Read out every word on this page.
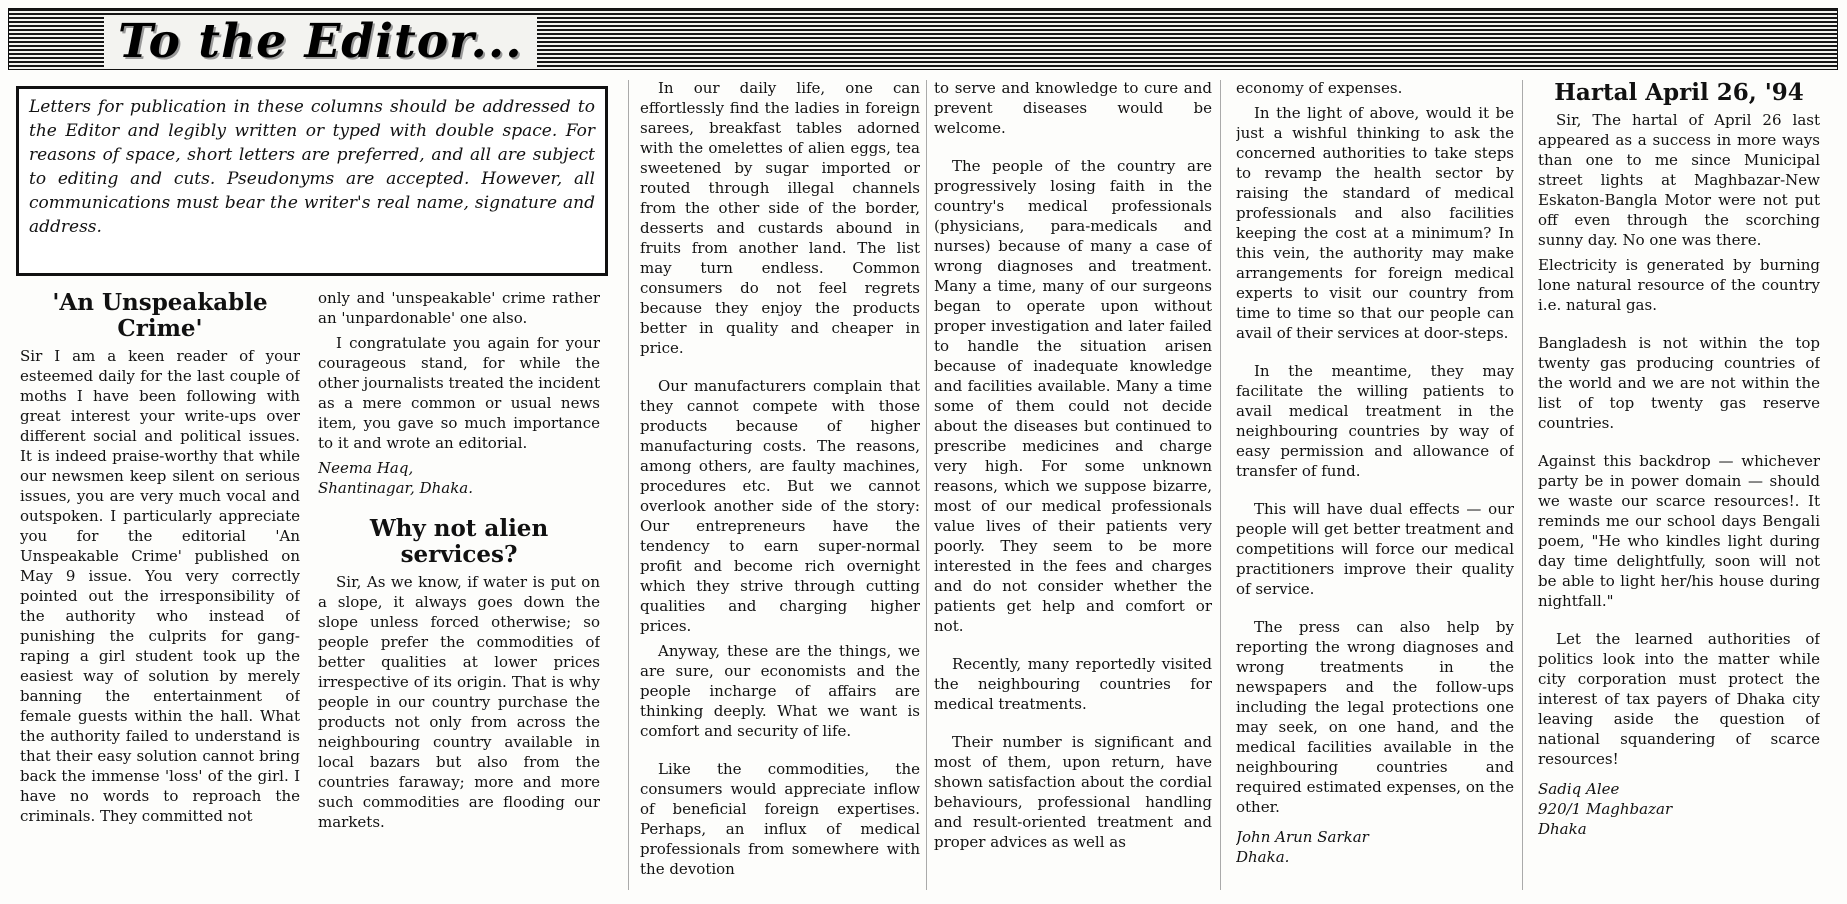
To the Editor...

Letters for publication in these columns should be addressed to the Editor and legibly written or typed with double space. For reasons of space, short letters are preferred, and all are subject to editing and cuts. Pseudonyms are accepted. However, all communications must bear the writer's real name, signature and address.

'An Unspeakable Crime'

Sir I am a keen reader of your esteemed daily for the last couple of moths I have been following with great interest your write-ups over different social and political issues. It is indeed praise-worthy that while our newsmen keep silent on serious issues, you are very much vocal and outspoken. I particularly appreciate you for the editorial 'An Unspeakable Crime' published on May 9 issue. You very correctly pointed out the irresponsibility of the authority who instead of punishing the culprits for gang-raping a girl student took up the easiest way of solution by merely banning the entertainment of female guests within the hall. What the authority failed to understand is that their easy solution cannot bring back the immense 'loss' of the girl. I have no words to reproach the criminals. They committed not

only and 'unspeakable' crime rather an 'unpardonable' one also.

I congratulate you again for your courageous stand, for while the other journalists treated the incident as a mere common or usual news item, you gave so much importance to it and wrote an editorial.

Neema Haq,

Shantinagar, Dhaka.

Why not alien services?

Sir, As we know, if water is put on a slope, it always goes down the slope unless forced otherwise; so people prefer the commodities of better qualities at lower prices irrespective of its origin. That is why people in our country purchase the products not only from across the neighbouring country available in local bazars but also from the countries faraway; more and more such commodities are flooding our markets.

In our daily life, one can effortlessly find the ladies in foreign sarees, breakfast tables adorned with the omelettes of alien eggs, tea sweetened by sugar imported or routed through illegal channels from the other side of the border, desserts and custards abound in fruits from another land. The list may turn endless. Common consumers do not feel regrets because they enjoy the products better in quality and cheaper in price.

Our manufacturers complain that they cannot compete with those products because of higher manufacturing costs. The reasons, among others, are faulty machines, procedures etc. But we cannot overlook another side of the story: Our entrepreneurs have the tendency to earn super-normal profit and become rich overnight which they strive through cutting qualities and charging higher prices.

Anyway, these are the things, we are sure, our economists and the people incharge of affairs are thinking deeply. What we want is comfort and security of life.

Like the commodities, the consumers would appreciate inflow of beneficial foreign expertises. Perhaps, an influx of medical professionals from somewhere with the devotion

to serve and knowledge to cure and prevent diseases would be welcome.

The people of the country are progressively losing faith in the country's medical professionals (physicians, para-medicals and nurses) because of many a case of wrong diagnoses and treatment. Many a time, many of our surgeons began to operate upon without proper investigation and later failed to handle the situation arisen because of inadequate knowledge and facilities available. Many a time some of them could not decide about the diseases but continued to prescribe medicines and charge very high. For some unknown reasons, which we suppose bizarre, most of our medical professionals value lives of their patients very poorly. They seem to be more interested in the fees and charges and do not consider whether the patients get help and comfort or not.

Recently, many reportedly visited the neighbouring countries for medical treatments.

Their number is significant and most of them, upon return, have shown satisfaction about the cordial behaviours, professional handling and result-oriented treatment and proper advices as well as

economy of expenses.

In the light of above, would it be just a wishful thinking to ask the concerned authorities to take steps to revamp the health sector by raising the standard of medical professionals and also facilities keeping the cost at a minimum? In this vein, the authority may make arrangements for foreign medical experts to visit our country from time to time so that our people can avail of their services at door-steps.

In the meantime, they may facilitate the willing patients to avail medical treatment in the neighbouring countries by way of easy permission and allowance of transfer of fund.

This will have dual effects — our people will get better treatment and competitions will force our medical practitioners improve their quality of service.

The press can also help by reporting the wrong diagnoses and wrong treatments in the newspapers and the follow-ups including the legal protections one may seek, on one hand, and the medical facilities available in the neighbouring countries and required estimated expenses, on the other.

John Arun Sarkar

Dhaka.

Hartal April 26, '94

Sir, The hartal of April 26 last appeared as a success in more ways than one to me since Municipal street lights at Maghbazar-New Eskaton-Bangla Motor were not put off even through the scorching sunny day. No one was there.

Electricity is generated by burning lone natural resource of the country i.e. natural gas.

Bangladesh is not within the top twenty gas producing countries of the world and we are not within the list of top twenty gas reserve countries.

Against this backdrop — whichever party be in power domain — should we waste our scarce resources!. It reminds me our school days Bengali poem, "He who kindles light during day time delightfully, soon will not be able to light her/his house during nightfall."

Let the learned authorities of politics look into the matter while city corporation must protect the interest of tax payers of Dhaka city leaving aside the question of national squandering of scarce resources!

Sadiq Alee

920/1 Maghbazar

Dhaka
